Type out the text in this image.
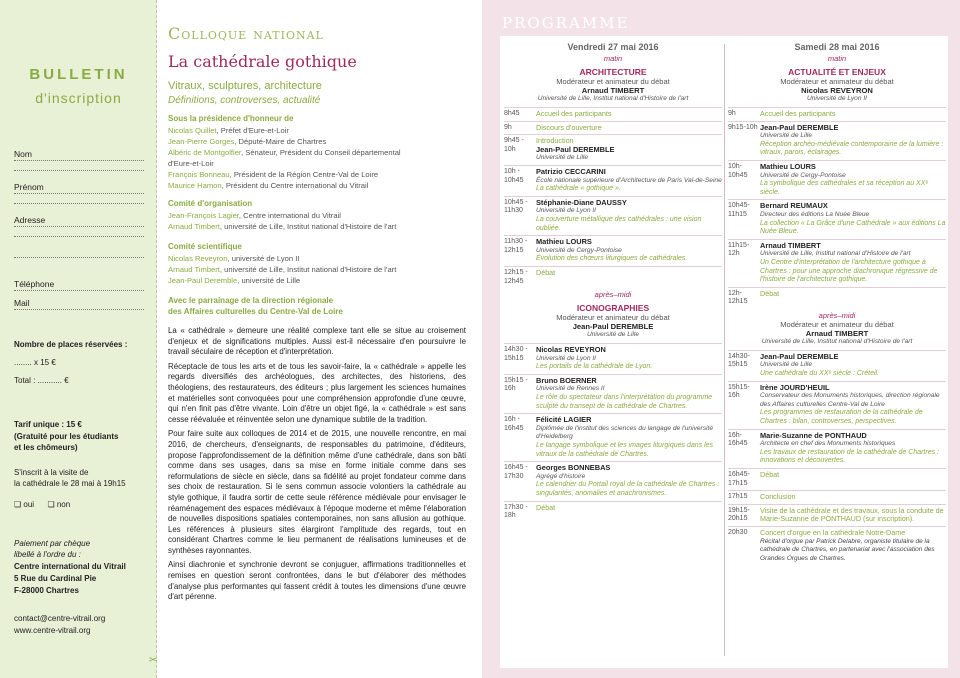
BULLETIN
d'inscription
Nom
Prénom
Adresse
Téléphone
Mail
Nombre de places réservées :
........ x 15 €
Total : ........... €
Tarif unique : 15 €
(Gratuité pour les étudiants
et les chômeurs)
S'inscrit à la visite de
la cathédrale le 28 mai à 19h15
❏ oui ❏ non
Paiement par chèque
libellé à l'ordre du :
Centre international du Vitrail
5 Rue du Cardinal Pie
F-28000 Chartres
contact@centre-vitrail.org
www.centre-vitrail.org
✂
Colloque national
La cathédrale gothique
Vitraux, sculptures, architecture
Définitions, controverses, actualité
Sous la présidence d'honneur de
Nicolas Quillet, Préfet d'Eure-et-Loir
Jean-Pierre Gorges, Député-Maire de Chartres
Albéric de Montgolfier, Sénateur, Président du Conseil départemental
d'Eure-et-Loir
François Bonneau, Président de la Région Centre-Val de Loire
Maurice Hamon, Président du Centre international du Vitrail
Comité d'organisation
Jean-François Lagier, Centre international du Vitrail
Arnaud Timbert, université de Lille, Institut national d'Histoire de l'art
Comité scientifique
Nicolas Reveyron, université de Lyon II
Arnaud Timbert, université de Lille, Institut national d'Histoire de l'art
Jean-Paul Deremble, université de Lille
Avec le parrainage de la direction régionale
des Affaires culturelles du Centre-Val de Loire

La « cathédrale » demeure une réalité complexe tant elle se situe au croisement d'enjeux et de significations multiples. Aussi est-il nécessaire d'en poursuivre le travail séculaire de réception et d'interprétation.

Réceptacle de tous les arts et de tous les savoir-faire, la « cathédrale » appelle les regards diversifiés des archéologues, des architectes, des historiens, des théologiens, des restaurateurs, des éditeurs ; plus largement les sciences humaines et matérielles sont convoquées pour une compréhension approfondie d'une œuvre, qui n'en finit pas d'être vivante. Loin d'être un objet figé, la « cathédrale » est sans cesse réévaluée et réinventée selon une dynamique subtile de la tradition.

Pour faire suite aux colloques de 2014 et de 2015, une nouvelle rencontre, en mai 2016, de chercheurs, d'enseignants, de responsables du patrimoine, d'éditeurs, propose l'approfondissement de la définition même d'une cathédrale, dans son bâti comme dans ses usages, dans sa mise en forme initiale comme dans ses reformulations de siècle en siècle, dans sa fidélité au projet fondateur comme dans ses choix de restauration. Si le sens commun associe volontiers la cathédrale au style gothique, il faudra sortir de cette seule référence médiévale pour envisager le réaménagement des espaces médiévaux à l'époque moderne et même l'élaboration de nouvelles dispositions spatiales contemporaines, non sans allusion au gothique. Les références à plusieurs sites élargiront l'amplitude des regards, tout en considérant Chartres comme le lieu permanent de réalisations lumineuses et de synthèses rayonnantes.

Ainsi diachronie et synchronie devront se conjuguer, affirmations traditionnelles et remises en question seront confrontées, dans le but d'élaborer des méthodes d'analyse plus performantes qui fassent crédit à toutes les dimensions d'une œuvre d'art pérenne.

PROGRAMME
Vendredi 27 mai 2016
matin
ARCHITECTURE
Modérateur et animateur du débat
Arnaud TIMBERT
Université de Lille, Institut national d'Histoire de l'art
8h45	Accueil des participants
9h	Discours d'ouverture
9h45 - 10h
Introduction
Jean-Paul DEREMBLE
Université de Lille
10h - 10h45
Patrizio CECCARINI
École nationale supérieure d'Architecture de Paris Val-de-Seine
La cathédrale « gothique ».
10h45 - 11h30
Stéphanie-Diane DAUSSY
Université de Lyon II
La couverture métallique des cathédrales : une vision oubliée.
11h30 - 12h15
Mathieu LOURS
Université de Cergy-Pontoise
Évolution des chœurs liturgiques de cathédrales.
12h15 - 12h45
Débat
après–midi
ICONOGRAPHIES
Modérateur et animateur du débat
Jean-Paul DEREMBLE
Université de Lille
14h30 - 15h15
Nicolas REVEYRON
Université de Lyon II
Les portails de la cathédrale de Lyon.
15h15 - 16h
Bruno BOERNER
Université de Rennes II
Le rôle du spectateur dans l'interprétation du programme sculpté du transept de la cathédrale de Chartres.
16h - 16h45
Félicité LAGIER
Diplômée de l'institut des sciences du langage de l'université d'Heidelberg
Le langage symbolique et les images liturgiques dans les vitraux de la cathédrale de Chartres.
16h45 - 17h30
Georges BONNEBAS
Agrégé d'histoire
Le calendrier du Portail royal de la cathédrale de Chartres : singularités, anomalies et anachronismes.
17h30 - 18h
Débat
Samedi 28 mai 2016
matin
ACTUALITÉ ET ENJEUX
Modérateur et animateur du débat
Nicolas REVEYRON
Université de Lyon II
9h	Accueil des participants
9h15-10h Jean-Paul DEREMBLE
Université de Lille
Réception archéo-médiévale contemporaine de la lumière : vitraux, parois, éclairages.
10h-10h45
Mathieu LOURS
Université de Cergy-Pontoise
La symbolique des cathédrales et sa réception au XXᵉ siècle.
10h45-11h15
Bernard REUMAUX
Directeur des éditions La Nuée Bleue
La collection « La Grâce d'une Cathédrale » aux éditions La Nuée Bleue.
11h15-12h
Arnaud TIMBERT
Université de Lille, Institut national d'Histoire de l'art
Un Centre d'interprétation de l'architecture gothique à Chartres : pour une approche diachronique régressive de l'histoire de l'architecture gothique.
12h-12h15
Débat
après–midi
Modérateur et animateur du débat
Arnaud TIMBERT
Université de Lille, Institut national d'Histoire de l'art
14h30-15h15
Jean-Paul DEREMBLE
Université de Lille
Une cathédrale du XXᵉ siècle : Créteil.
15h15-16h
Irène JOURD'HEUIL
Conservateur des Monuments historiques, direction régionale des Affaires culturelles Centre-Val de Loire
Les programmes de restauration de la cathédrale de Chartres : bilan, controverses, perspectives.
16h-16h45
Marie-Suzanne de PONTHAUD
Architecte en chef des Monuments historiques
Les travaux de restauration de la cathédrale de Chartres : innovations et découvertes.
16h45-17h15
Débat
17h15	Conclusion
19h15-20h15
Visite de la cathédrale et des travaux, sous la conduite de Marie-Suzanne de PONTHAUD (sur inscription).
20h30	Concert d'orgue en la cathédrale Notre-Dame
Récital d'orgue par Patrick Delabre, organiste titulaire de la cathédrale de Chartres, en partenariat avec l'association des Grandes Orgues de Chartres.
